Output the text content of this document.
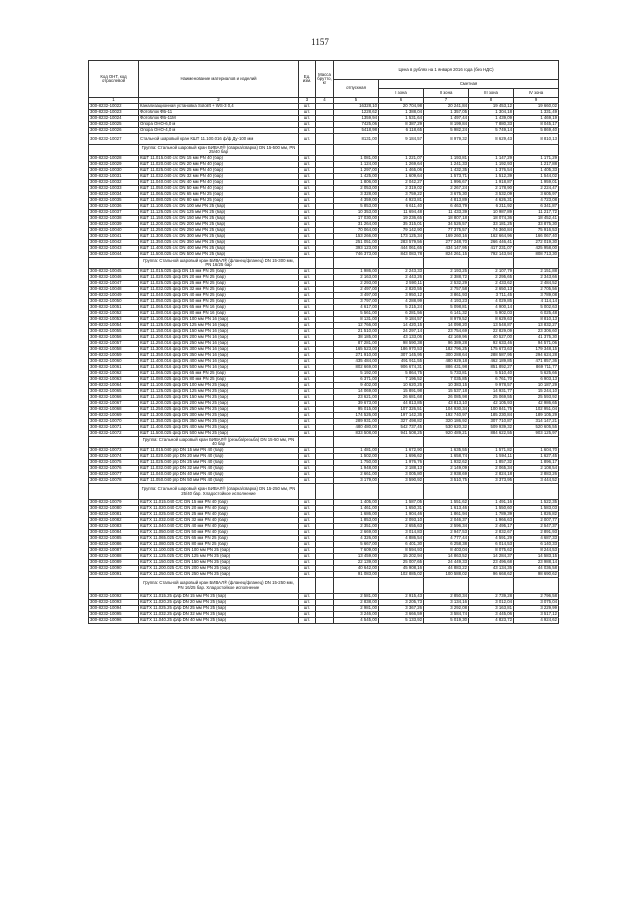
1157
Код ОНТ, код отраслевой	Наименование материалов и изделий	Ед. изм.	Масса брутто, кг	Цена в рублях на 1 января 2016 года (без НДС)				
				отпускная	Сметная			
					I зона	II зона	III зона	IV зона
1	2	3	4	5	6	7	8	9
300-8232-10022	Канализационная установка Sololift + WS-3 0,4	шт.		16328,10	20 704,98	20 241,84	19 453,12	19 660,02
300-8232-10023	Фотоблок ФБ-11	шт.		1228,62	1 388,04	1 357,05	1 304,18	1 331,49
300-8232-10024	Фотоблок ФБ-11М	шт.		1359,94	1 531,64	1 497,44	1 439,09	1 469,19
300-8232-10025	Опора ОНО-6,0 м	шт.		7425,06	8 387,29	8 199,84	7 880,33	8 045,17
300-8232-10026	Опора ОНО-4,0 м	шт.		5418,98	6 118,65	5 982,24	5 749,14	5 869,40
300-8232-10027	Стальной шаровый кран КШТ 11.100.016 ф/ф Ду-100 мм	шт.		8131,00	9 184,57	8 979,32	8 629,43	8 810,13
	Группа: Стальной шаровый кран БИВАЛ® (сварка/сварка) DN 15-500 мм, PN 25/40 бар							
300-8232-10028	КШТ 11.015.040 с/с DN 15 мм PN 40 (бар)	шт.		1 081,00	1 221,07	1 193,81	1 147,29	1 171,29
300-8232-10029	КШТ 11.020.040 с/с DN 20 мм PN 40 (бар)	шт.		1 124,00	1 269,64	1 241,33	1 192,93	1 217,88
300-8232-10030	КШТ 11.025.040 с/с DN 25 мм PN 40 (бар)	шт.		1 297,00	1 465,06	1 432,35	1 376,54	1 405,33
300-8232-10031	КШТ 11.032.040 с/с DN 32 мм PN 40 (бар)	шт.		1 425,00	1 609,64	1 573,71	1 512,39	1 544,02
300-8232-10032	КШТ 11.040.040 с/с DN 40 мм PN 40 (бар)	шт.		1 806,00	2 042,27	1 996,67	1 918,87	1 959,01
300-8232-10033	КШТ 11.050.040 с/с DN 50 мм PN 40 (бар)	шт.		2 053,00	2 319,02	2 267,24	2 178,90	2 224,47
300-8232-10034	КШТ 11.065.025 с/с DN 65 мм PN 25 (бар)	шт.		3 328,00	3 759,22	3 675,30	3 532,09	3 605,97
300-8232-10035	КШТ 11.080.025 с/с DN 80 мм PN 25 (бар)	шт.		4 359,00	4 923,81	4 813,89	4 626,31	4 723,08
300-8232-10036	КШТ 11.100.025 с/с DN 100 мм PN 25 (бар)	шт.		5 853,00	6 611,40	6 463,79	6 211,92	6 341,87
300-8232-10037	КШТ 11.125.025 с/с DN 125 мм PN 25 (бар)	шт.		10 353,00	11 694,48	11 433,39	10 987,89	11 217,72
300-8232-10038	КШТ 11.150.025 с/с DN 150 мм PN 25 (бар)	шт.		17 030,00	19 236,65	18 807,18	18 074,36	18 452,41
300-8232-10039	КШТ 11.200.025 с/с DN 200 мм PN 25 (бар)	шт.		31 264,00	35 315,01	34 526,57	33 181,25	33 875,30
300-8232-10040	КШТ 11.250.025 с/с DN 250 мм PN 25 (бар)	шт.		70 064,00	79 142,90	77 375,57	74 360,84	75 916,53
300-8232-10041	КШТ 11.300.025 с/с DN 300 мм PN 25 (бар)	шт.		153 266,00	173 125,34	169 260,16	162 664,96	166 067,40
300-8232-10042	КШТ 11.350.025 с/с DN 350 мм PN 25 (бар)	шт.		251 051,00	283 579,56	277 248,70	266 446,41	272 019,30
300-8232-10043	КШТ 11.400.025 с/с DN 400 мм PN 25 (бар)	шт.		393 123,00	444 061,65	434 147,95	417 231,07	425 958,00
300-8232-10044	КШТ 11.500.025 с/с DN 500 мм PN 25 (бар)	шт.		746 373,00	843 083,78	824 261,15	792 143,94	808 713,30
	Группа: Стальной шаровый кран БИВАЛ® (фланец/фланец) DN 15-300 мм, PN 16/25 бар							
300-8232-10045	КШТ 11.015.025 ф/ф DN 15 мм PN 25 (бар)	шт.		1 986,00	2 243,33	2 193,25	2 107,79	2 151,88
300-8232-10046	КШТ 11.020.025 ф/ф DN 20 мм PN 25 (бар)	шт.		2 163,00	2 443,26	2 388,72	2 295,65	2 343,66
300-8232-10047	КШТ 11.025.025 ф/ф DN 25 мм PN 25 (бар)	шт.		2 293,00	2 590,11	2 532,29	2 433,62	2 484,52
300-8232-10048	КШТ 11.032.025 ф/ф DN 32 мм PN 25 (бар)	шт.		2 497,00	2 820,55	2 757,58	2 650,13	2 705,56
300-8232-10049	КШТ 11.040.025 ф/ф DN 40 мм PN 25 (бар)	шт.		3 497,00	3 950,12	3 861,93	3 711,45	3 789,08
300-8232-10050	КШТ 11.050.025 ф/ф DN 50 мм PN 25 (бар)	шт.		3 797,00	4 288,99	4 193,23	4 029,85	4 114,14
300-8232-10051	КШТ 11.065.016 ф/ф DN 65 мм PN 16 (бар)	шт.		4 617,00	5 215,24	5 098,81	4 900,14	5 002,63
300-8232-10052	КШТ 11.080.016 ф/ф DN 80 мм PN 16 (бар)	шт.		5 561,00	6 281,56	6 141,32	5 902,03	6 025,48
300-8232-10053	КШТ 11.100.016 ф/ф DN 100 мм PN 16 (бар)	шт.		8 131,00	9 184,57	8 979,52	8 629,63	8 810,13
300-8232-10054	КШТ 11.125.016 ф/ф DN 125 мм PN 16 (бар)	шт.		12 766,00	14 420,15	14 098,20	13 548,87	13 832,27
300-8232-10055	КШТ 11.150.016 ф/ф DN 150 мм PN 16 (бар)	шт.		21 510,00	24 297,14	23 754,69	22 829,09	23 306,60
300-8232-10056	КШТ 11.200.016 ф/ф DN 200 мм PN 16 (бар)	шт.		38 185,00	43 133,06	42 169,96	40 527,00	41 375,30
300-8232-10057	КШТ 11.250.016 ф/ф DN 250 мм PN 16 (бар)	шт.		87 281,00	98 590,38	96 389,28	92 633,46	94 571,06
300-8232-10058	КШТ 11.300.016 ф/ф DN 300 мм PN 16 (бар)	шт.		165 523,00	186 970,53	182 796,25	175 673,63	179 348,15
300-8232-10059	КШТ 11.350.016 ф/ф DN 350 мм PN 16 (бар)	шт.		271 910,00	307 145,95	300 288,64	288 587,95	294 624,28
300-8232-10060	КШТ 11.400.016 ф/ф DN 400 мм PN 16 (бар)	шт.		435 484,00	491 911,55	480 929,18	462 189,85	471 857,36
300-8232-10061	КШТ 11.500.016 ф/ф DN 500 мм PN 16 (бар)	шт.		802 669,00	906 674,31	886 431,98	851 892,27	869 711,77
300-8232-10062	КШТ 11.065.025 ф/ф DN 65 мм PN 25 (бар)	шт.		5 192,00	5 864,75	5 733,81	5 510,40	5 625,66
300-8232-10063	КШТ 11.080.025 ф/ф DN 80 мм PN 25 (бар)	шт.		6 371,00	7 196,52	7 035,85	6 761,70	6 903,13
300-8232-10064	КШТ 11.100.025 ф/ф DN 100 мм PN 25 (бар)	шт.		9 402,00	10 620,25	10 383,15	9 978,57	10 187,29
300-8232-10065	КШТ 11.125.025 ф/ф DN 125 мм PN 25 (бар)	шт.		14 069,00	15 891,98	15 537,18	14 931,77	15 244,10
300-8232-10066	КШТ 11.150.025 ф/ф DN 150 мм PN 25 (бар)	шт.		23 621,00	26 681,68	26 085,98	25 069,55	25 593,92
300-8232-10067	КШТ 11.200.025 ф/ф DN 200 мм PN 25 (бар)	шт.		39 673,00	44 813,85	43 813,10	42 105,93	42 986,65
300-8232-10068	КШТ 11.250.025 ф/ф DN 250 мм PN 25 (бар)	шт.		95 015,00	107 326,51	104 930,34	100 841,75	102 951,04
300-8232-10069	КШТ 11.300.025 ф/ф DN 300 мм PN 25 (бар)	шт.		174 526,00	197 142,35	192 740,97	185 230,84	189 105,29
300-8232-10070	КШТ 11.350.025 ф/ф DN 350 мм PN 25 (бар)	шт.		289 931,00	327 498,82	320 186,92	307 710,87	314 147,21
300-8232-10071	КШТ 11.400.025 ф/ф DN 400 мм PN 25 (бар)	шт.		480 480,00	542 737,45	530 620,32	509 939,32	520 605,55
300-8232-10072	КШТ 11.500.025 ф/ф DN 500 мм PN 25 (бар)	шт.		833 508,00	941 508,25	920 489,21	884 622,55	903 125,97
	Группа: Стальной шаровый кран БИВАЛ® (резьба/резьба) DN 15-50 мм, PN 40 бар							
300-8232-10073	КШТ 11.015.040 р/р DN 15 мм PN 40 (бар)	шт.		1 481,00	1 672,90	1 635,55	1 571,82	1 604,70
300-8232-10074	КШТ 11.020.040 р/р DN 20 мм PN 40 (бар)	шт.		1 502,00	1 696,62	1 658,74	1 594,11	1 627,45
300-8232-10075	КШТ 11.025.040 р/р DN 25 мм PN 40 (бар)	шт.		1 750,00	1 976,76	1 932,62	1 857,32	1 896,17
300-8232-10076	КШТ 11.032.040 р/р DN 32 мм PN 40 (бар)	шт.		1 948,00	2 188,13	2 149,09	2 065,34	2 108,54
300-8232-10077	КШТ 11.040.040 р/р DN 40 мм PN 40 (бар)	шт.		2 661,00	3 005,80	2 938,69	2 824,18	2 883,26
300-8232-10078	КШТ 11.050.040 р/р DN 50 мм PN 40 (бар)	шт.		3 179,00	3 590,92	3 510,75	3 373,95	3 444,52
	Группа: Стальной шаровый кран БИВАЛ® (сварка/сварка) DN 15-250 мм, PN 25/40 бар. Хладостойкое исполнение							
300-8232-10079	КШТХ 11.015.040 С/С DN 15 мм PN 40 (бар)	шт.		1 405,00	1 587,05	1 551,62	1 491,16	1 522,35
300-8232-10080	КШТХ 11.020.040 С/С DN 20 мм PN 40 (бар)	шт.		1 461,00	1 650,31	1 613,46	1 550,60	1 583,03
300-8232-10081	КШТХ 11.025.040 С/С DN 25 мм PN 40 (бар)	шт.		1 686,00	1 904,46	1 861,94	1 789,39	1 826,82
300-8232-10082	КШТХ 11.032.040 С/С DN 32 мм PN 40 (бар)	шт.		1 853,00	2 093,10	2 046,37	1 966,63	2 007,77
300-8232-10083	КШТХ 11.040.040 С/С DN 40 мм PN 40 (бар)	шт.		2 351,00	2 655,63	2 596,34	2 495,17	2 547,37
300-8232-10084	КШТХ 11.050.040 С/С DN 50 мм PN 40 (бар)	шт.		2 669,00	3 014,83	2 947,53	2 832,67	2 891,93
300-8232-10085	КШТХ 11.065.025 С/С DN 65 мм PN 25 (бар)	шт.		4 326,00	4 886,54	4 777,44	4 591,29	4 687,33
300-8232-10086	КШТХ 11.080.025 С/С DN 80 мм PN 25 (бар)	шт.		5 667,00	6 401,30	6 258,38	6 014,53	6 140,33
300-8232-10087	КШТХ 11.100.025 С/С DN 100 мм PN 25 (бар)	шт.		7 609,00	8 594,93	8 403,04	8 075,62	8 244,53
300-8232-10088	КШТХ 11.125.025 С/С DN 125 мм PN 25 (бар)	шт.		13 459,00	15 202,94	14 863,52	14 284,37	14 583,15
300-8232-10089	КШТХ 11.150.025 С/С DN 150 мм PN 25 (бар)	шт.		22 139,00	25 007,65	24 449,33	23 496,68	23 988,14
300-8232-10090	КШТХ 11.200.025 С/С DN 200 мм PN 25 (бар)	шт.		40 642,00	45 908,16	44 883,22	43 134,35	44 036,58
300-8232-10091	КШТХ 11.250.025 С/С DN 250 мм PN 25 (бар)	шт.		91 083,00	102 885,02	100 588,02	96 668,62	98 690,62
	Группа: Стальной шаровый кран БИВАЛ® (фланец/фланец) DN 15-250 мм, PN 16/25 бар. Хладостойкое исполнение							
300-8232-10092	КШТХ 11.015.25 ф/ф DN 15 мм PN 25 (бар)	шт.		2 581,00	2 915,43	2 850,34	2 739,28	2 796,58
300-8232-10093	КШТХ 11.020.25 ф/ф DN 20 мм PN 25 (бар)	шт.		2 838,00	3 205,73	3 134,16	3 012,04	3 075,04
300-8232-10094	КШТХ 11.025.25 ф/ф DN 25 мм PN 25 (бар)	шт.		2 981,00	3 367,26	3 292,08	3 163,81	3 229,99
300-8232-10095	КШТХ 11.032.25 ф/ф DN 32 мм PN 25 (бар)	шт.		3 246,00	3 666,59	3 584,74	3 445,06	3 517,12
300-8232-10096	КШТХ 11.040.25 ф/ф DN 40 мм PN 25 (бар)	шт.		4 545,00	5 133,92	5 019,30	4 823,72	4 924,62
